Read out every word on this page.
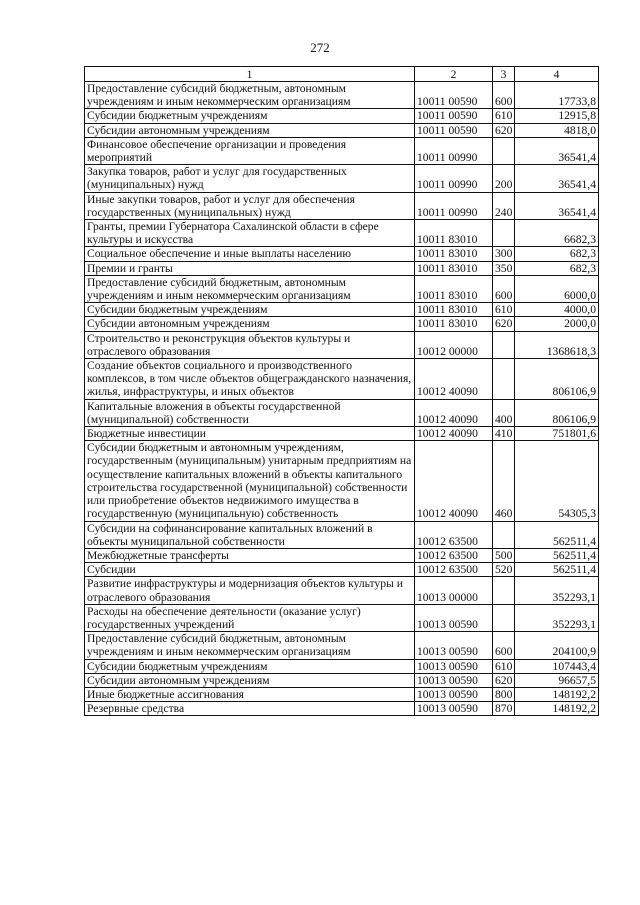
272
1	2	3	4
Предоставление субсидий бюджетным, автономным учреждениям и иным некоммерческим организациям	10011 00590	600	17733,8
Субсидии бюджетным учреждениям	10011 00590	610	12915,8
Субсидии автономным учреждениям	10011 00590	620	4818,0
Финансовое обеспечение организации и проведения мероприятий	10011 00990		36541,4
Закупка товаров, работ и услуг для государственных (муниципальных) нужд	10011 00990	200	36541,4
Иные закупки товаров, работ и услуг для обеспечения государственных (муниципальных) нужд	10011 00990	240	36541,4
Гранты, премии Губернатора Сахалинской области в сфере культуры и искусства	10011 83010		6682,3
Социальное обеспечение и иные выплаты населению	10011 83010	300	682,3
Премии и гранты	10011 83010	350	682,3
Предоставление субсидий бюджетным, автономным учреждениям и иным некоммерческим организациям	10011 83010	600	6000,0
Субсидии бюджетным учреждениям	10011 83010	610	4000,0
Субсидии автономным учреждениям	10011 83010	620	2000,0
Строительство и реконструкция объектов культуры и отраслевого образования	10012 00000		1368618,3
Создание объектов социального и производственного комплексов, в том числе объектов общегражданского назначения, жилья, инфраструктуры, и иных объектов	10012 40090		806106,9
Капитальные вложения в объекты государственной (муниципальной) собственности	10012 40090	400	806106,9
Бюджетные инвестиции	10012 40090	410	751801,6
Субсидии бюджетным и автономным учреждениям, государственным (муниципальным) унитарным предприятиям на осуществление капитальных вложений в объекты капитального строительства государственной (муниципальной) собственности или приобретение объектов недвижимого имущества в государственную (муниципальную) собственность	10012 40090	460	54305,3
Субсидии на софинансирование капитальных вложений в объекты муниципальной собственности	10012 63500		562511,4
Межбюджетные трансферты	10012 63500	500	562511,4
Субсидии	10012 63500	520	562511,4
Развитие инфраструктуры и модернизация объектов культуры и отраслевого образования	10013 00000		352293,1
Расходы на обеспечение деятельности (оказание услуг) государственных учреждений	10013 00590		352293,1
Предоставление субсидий бюджетным, автономным учреждениям и иным некоммерческим организациям	10013 00590	600	204100,9
Субсидии бюджетным учреждениям	10013 00590	610	107443,4
Субсидии автономным учреждениям	10013 00590	620	96657,5
Иные бюджетные ассигнования	10013 00590	800	148192,2
Резервные средства	10013 00590	870	148192,2
